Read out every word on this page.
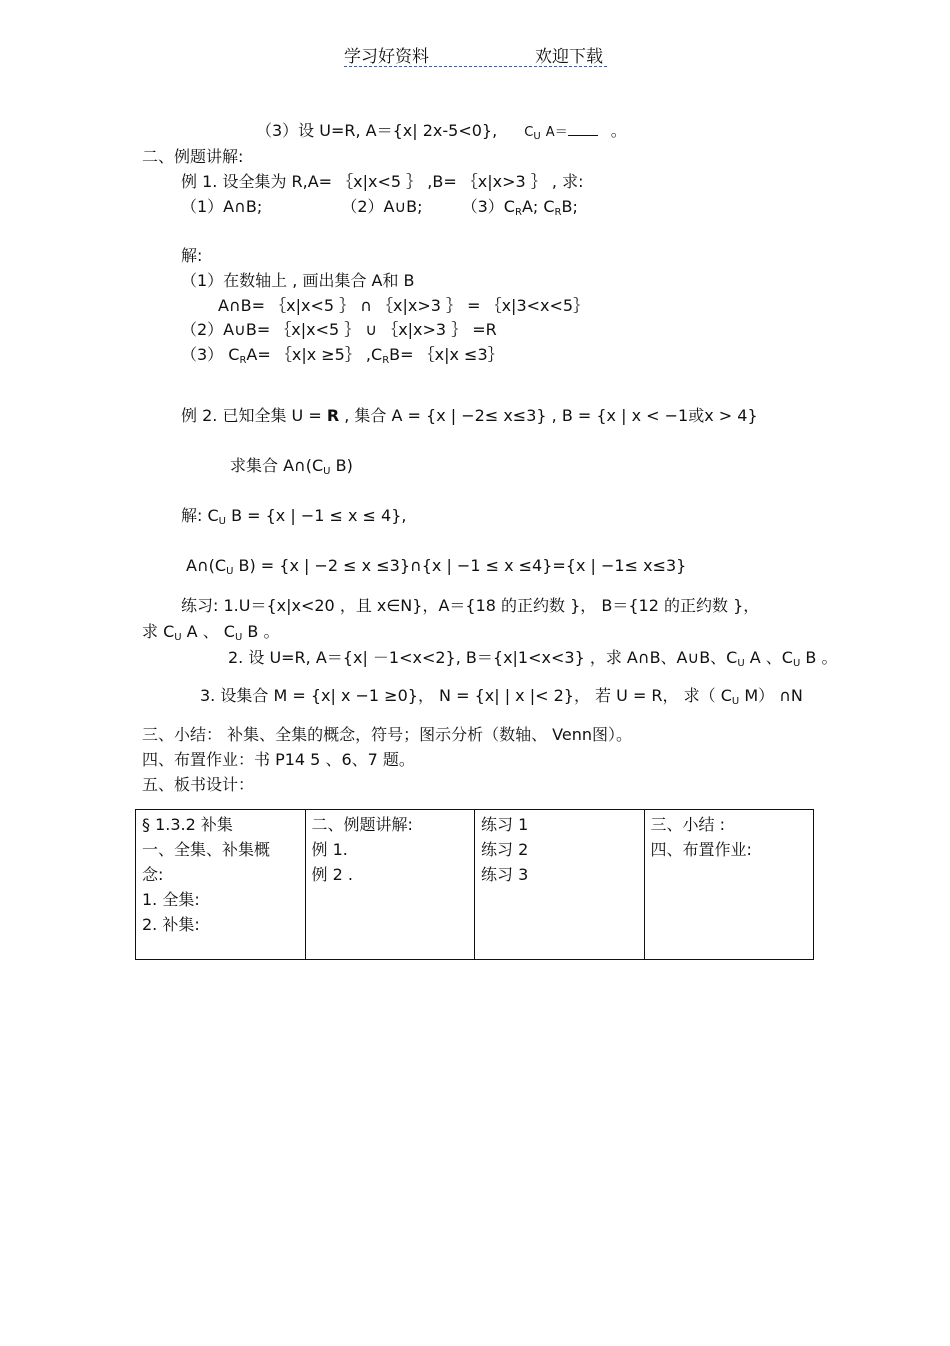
学习好资料	欢迎下载
（3）设 U=R, A＝{x| 2x-5<0}, CU A＝	。
二、例题讲解:
例 1. 设全集为 R,A= ｛x|x<5 ｝ ,B= ｛x|x>3 ｝ , 求:
（1）A∩B;	（2）A∪B; （3）CRA; CRB;
解:
（1）在数轴上 , 画出集合 A和 B
A∩B= ｛x|x<5 ｝ ∩ ｛x|x>3 ｝ = ｛x|3<x<5｝
（2）A∪B= ｛x|x<5 ｝ ∪ ｛x|x>3 ｝ =R
（3） CRA= ｛x|x ≥5｝ ,CRB= ｛x|x ≤3｝
例 2. 已知全集 U = R , 集合 A = {x | −2≤ x≤3} , B = {x | x < −1或x > 4}
求集合 A∩(CU B)
解: CU B = {x | −1 ≤ x ≤ 4},
A∩(CU B) = {x | −2 ≤ x ≤3}∩{x | −1 ≤ x ≤4}={x | −1≤ x≤3}
练习: 1.U＝{x|x<20 ，且 x∈N}，A＝{18 的正约数 }， B＝{12 的正约数 }，
求 CU A 、 CU B 。
2. 设 U=R, A＝{x| －1<x<2}, B＝{x|1<x<3} ，求 A∩B、A∪B、CU A 、CU B 。
3. 设集合 M = {x| x −1 ≥0}， N = {x| | x |< 2}， 若 U = R， 求（ CU M） ∩N
三、小结： 补集、全集的概念，符号；图示分析（数轴、 Venn图）。
四、布置作业：书 P14 5 、6、7 题。
五、板书设计：
§ 1.3.2 补集
一、全集、补集概
念:
1. 全集:
2. 补集:

二、例题讲解:
例 1.
例 2 .

练习 1
练习 2
练习 3

三、小结 :
四、布置作业:
